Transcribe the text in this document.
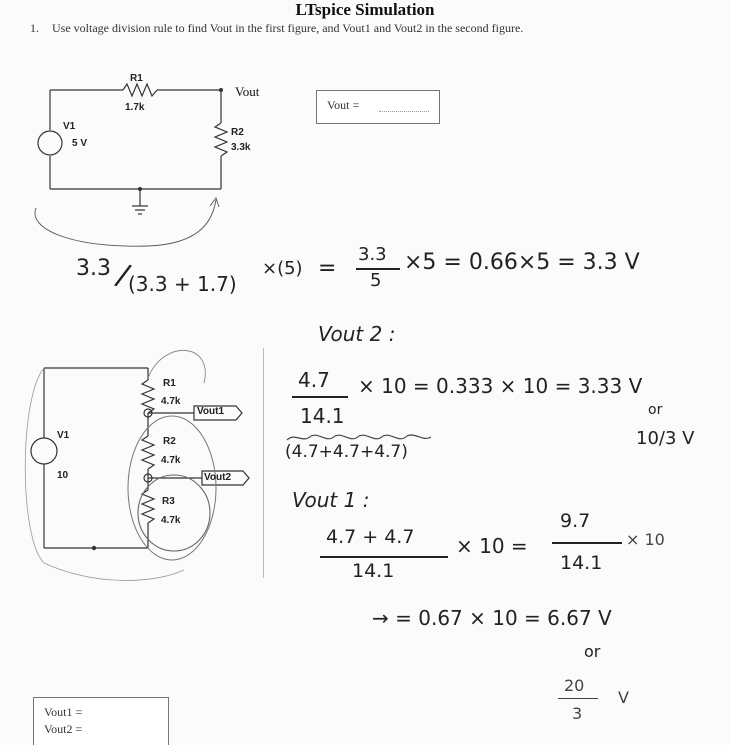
LTspice Simulation
1. Use voltage division rule to find Vout in the first figure, and Vout1 and Vout2 in the second figure.
R1
1.7k
Vout
R2
3.3k
V1
5 V
Vout =
3.3 /
(3.3 + 1.7)
×(5) =
3.3
5
×5 = 0.66×5 = 3.3 V
V1
10
R1
4.7k
R2
4.7k
R3
4.7k
Vout1
Vout2
Vout 2 :
4.7
14.1
× 10 = 0.333 × 10 = 3.33 V
or
10/3 V
(4.7+4.7+4.7)
Vout 1 :
4.7 + 4.7
14.1
× 10 =
9.7
14.1
× 10
→ = 0.67 × 10 = 6.67 V
or
20
3
V
Vout1 =
Vout2 =
